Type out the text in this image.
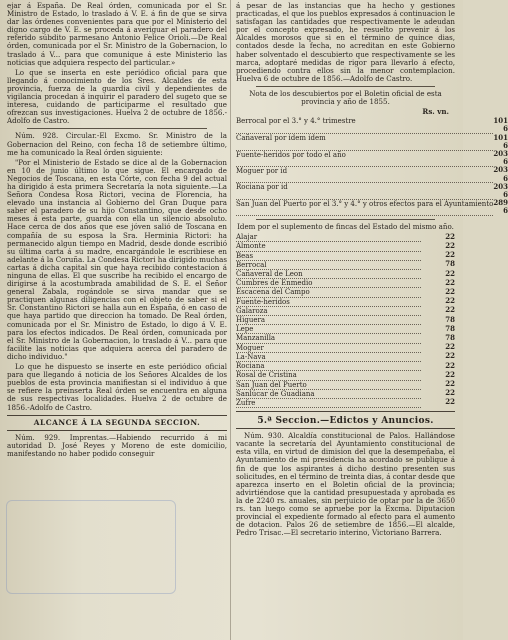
ejar á España. De Real órden, comunicada por el Sr. Ministro de Estado, lo traslado á V. E. á fin de que se sirva dar las órdenes convenientes para que por el Ministerio del digno cargo de V. E. se proceda á averiguar el paradero del referido súbdito parmesano Antonio Felice Orioli.—De Real órden, comunicada por el Sr. Ministro de la Gobernacion, lo traslado á V... para que comunique á este Ministerio las noticias que adquiera respecto del particular.»

Lo que se inserta en este periódico oficial para que llegando á conocimiento de los Sres. Alcaldes de esta provincia, fuerza de la guardia civil y dependientes de vigilancia procedan á inquirir el paradero del sugeto que se interesa, cuidando de participarme el resultado que ofrezcan sus investigaciones. Huelva 2 de octubre de 1856.-Adolfo de Castro.

Núm. 928. Circular.-El Excmo. Sr. Ministro de la Gobernacion del Reino, con fecha 18 de setiembre último, me ha comunicado la Real órden siguiente:

"Por el Ministerio de Estado se dice al de la Gobernacion en 10 de junio último lo que sigue. El encargado de Negocios de Toscana, en esta Córte, con fecha 9 del actual ha dirigido á esta primera Secretaría la nota siguiente.—La Señora Condesa Rosa Rictori, vecina de Florencia, ha elevado una instancia al Gobierno del Gran Duque para saber el paradero de su hijo Constantino, que desde ocho meses á esta parte, guarda con ella un silencio absoluto. Hace cerca de dos años que ese jóven salió de Toscana en compañía de su esposa la Sra. Herminia Rictori: ha permanecido algun tiempo en Madrid, desde donde escribió su última carta á su madre, encargándole le escribiese en adelante á la Coruña. La Condesa Rictori ha dirigido muchas cartas á dicha capital sin que haya recibido contestacion á ninguna de ellas. El que suscribe ha recibido el encargo de dirigirse á la acostumbrada amabilidad de S. E. el Señor general Zabala, rogándole se sirva mandar que se practiquen algunas diligencias con el objeto de saber si el Sr. Constantino Rictori se halla aun en España, ó en caso de que haya partido que direccion ha tomado. De Real órden, comunicada por el Sr. Ministro de Estado, lo digo á V. E. para los efectos indicados. De Real órden, comunicada por el Sr. Ministro de la Gobernacion, lo traslado á V... para que facilite las noticias que adquiera acerca del paradero de dicho individuo."

Lo que he dispuesto se inserte en este periódico oficial para que llegando á noticia de los Señores Alcaldes de los pueblos de esta provincia manifiestan si el individuo á que se refiere la preinserta Real órden se encuentra en alguna de sus respectivas localidades. Huelva 2 de octubre de 1856.-Adolfo de Castro.

ALCANCE Á LA SEGUNDA SECCION.

Núm. 929. Imprentas.—Habiendo recurrido á mi autoridad D. José Reyes y Moreno de este domicilio, manifestando no haber podido conseguir

á pesar de las instancias que ha hecho y gestiones practicadas, el que los pueblos expresados á continuacion le satisfagan las cantidades que respectivamente le adeudan por el concepto expresado, he resuelto prevenir á los Alcaldes morosos que si en el término de quince dias, contados desde la fecha, no acreditan en este Gobierno haber solventado el descubierto que respectivamente se les marca, adoptaré medidas de rigor para llevarlo á efecto, procediendo contra ellos sin la menor contemplacion. Huelva 6 de octubre de 1856.—Adolfo de Castro.

Nota de los descubiertos por el Boletin oficial de esta provincia y año de 1855.

Rs. vn.
Berrocal por el 3.° y 4.° trimestre	101 6
Cañaveral por idem idem	101 6
Fuente-heridos por todo el año	203 6
Moguer por id	203 6
Rociana por id	203 6
San Juan del Puerto por el 3.° y 4.° y otros efectos para el Ayuntamiento	289 6

Idem por el suplemento de fincas del Estado del mismo año.

Alajar	22
Almonte	22
Beas	22
Berrocal	78
Cañaveral de Leon	22
Cumbres de Enmedio	22
Escacena del Campo	22
Fuente-heridos	22
Galaroza	22
Higuera	78
Lepe	78
Manzanilla	78
Moguer	22
La-Nava	22
Rociana	22
Rosal de Cristina	22
San Juan del Puerto	22
Sanlúcar de Guadiana	22
Zufre	22
5.ª Seccion.—Edictos y Anuncios.

Núm. 930. Alcaldía constitucional de Palos. Hallándose vacante la secretaría del Ayuntamiento constitucional de esta villa, en virtud de dimision del que la desempeñaba, el Ayuntamiento de mi presidencia ha acordado se publique á fin de que los aspirantes á dicho destino presenten sus solicitudes, en el término de treinta dias, á contar desde que aparezca inserto en el Boletin oficial de la provincia; advirtiéndose que la cantidad presupuestada y aprobada es la de 2240 rs. anuales, sin perjuicio de optar por la de 3650 rs. tan luego como se apruebe por la Excma. Diputacion provincial el expediente formado al efecto para el aumento de dotacion. Palos 26 de setiembre de 1856.—El alcalde, Pedro Trisac.—El secretario interino, Victoriano Barrera.
